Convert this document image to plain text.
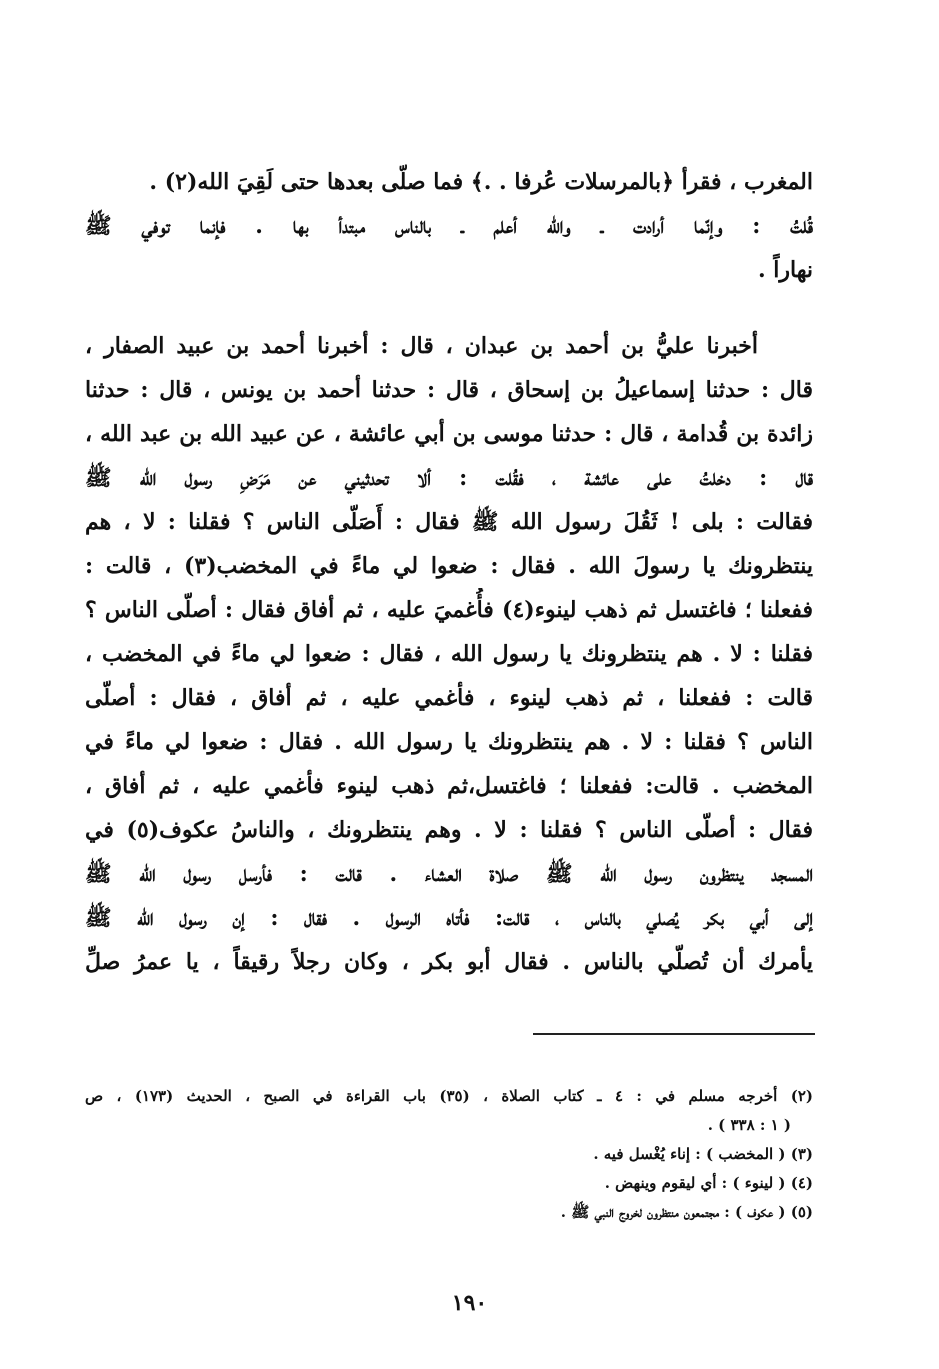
المغرب ، فقرأ ﴿بالمرسلات عُرفا . .﴾ فما صلّى بعدها حتى لَقِيَ الله(٢) .
قُلتُ : وإنّما أرادت ـ والله أعلم ـ بالناس مبتدأ بها . فإنما توفي ﷺ
نهاراً .
أخبرنا عليُّ بن أحمد بن عبدان ، قال : أخبرنا أحمد بن عبيد الصفار ،
قال : حدثنا إسماعيلُ بن إسحاق ، قال : حدثنا أحمد بن يونس ، قال : حدثنا
زائدة بن قُدامة ، قال : حدثنا موسى بن أبي عائشة ، عن عبيد الله بن عبد الله ،
قال : دخلتُ على عائشة ، فقُلت : ألا تحدثيني عن مَرَضِ رسول الله ﷺ
فقالت : بلى ! ثَقُلَ رسول الله ﷺ فقال : أَصَلّى الناس ؟ فقلنا : لا ، هم
ينتظرونك يا رسولَ الله . فقال : ضعوا لي ماءً في المخضب(٣) ، قالت :
ففعلنا ؛ فاغتسل ثم ذهب لينوء(٤) فأُغميَ عليه ، ثم أفاق فقال : أصلّى الناس ؟
فقلنا : لا . هم ينتظرونك يا رسول الله ، فقال : ضعوا لي ماءً في المخضب ،
قالت : ففعلنا ، ثم ذهب لينوء ، فأغمي عليه ، ثم أفاق ، فقال : أصلّى
الناس ؟ فقلنا : لا . هم ينتظرونك يا رسول الله . فقال : ضعوا لي ماءً في
المخضب . قالت: ففعلنا ؛ فاغتسل،ثم ذهب لينوء فأغمي عليه ، ثم أفاق ،
فقال : أصلّى الناس ؟ فقلنا : لا . وهم ينتظرونك ، والناسُ عكوف(٥) في
المسجد ينتظرون رسول الله ﷺ صلاة العشاء . قالت : فأرسل رسول الله ﷺ
إلى أبي بكر يُصلي بالناس ، قالت: فأتاه الرسول . فقال : إن رسول الله ﷺ
يأمرك أن تُصلّي بالناس . فقال أبو بكر ، وكان رجلاً رقيقاً ، يا عمرُ صلِّ
(٢) أخرجه مسلم في : ٤ ـ كتاب الصلاة ، (٣٥) باب القراءة في الصبح ، الحديث (١٧٣) ، ص
( ١ : ٣٣٨ ) .
(٣) ( المخضب ) : إناء يُغْسل فيه .
(٤) ( لينوء ) : أي ليقوم وينهض .
(٥) ( عكوف ) : مجتمعون منتظرون لخروج النبي ﷺ .
١٩٠
